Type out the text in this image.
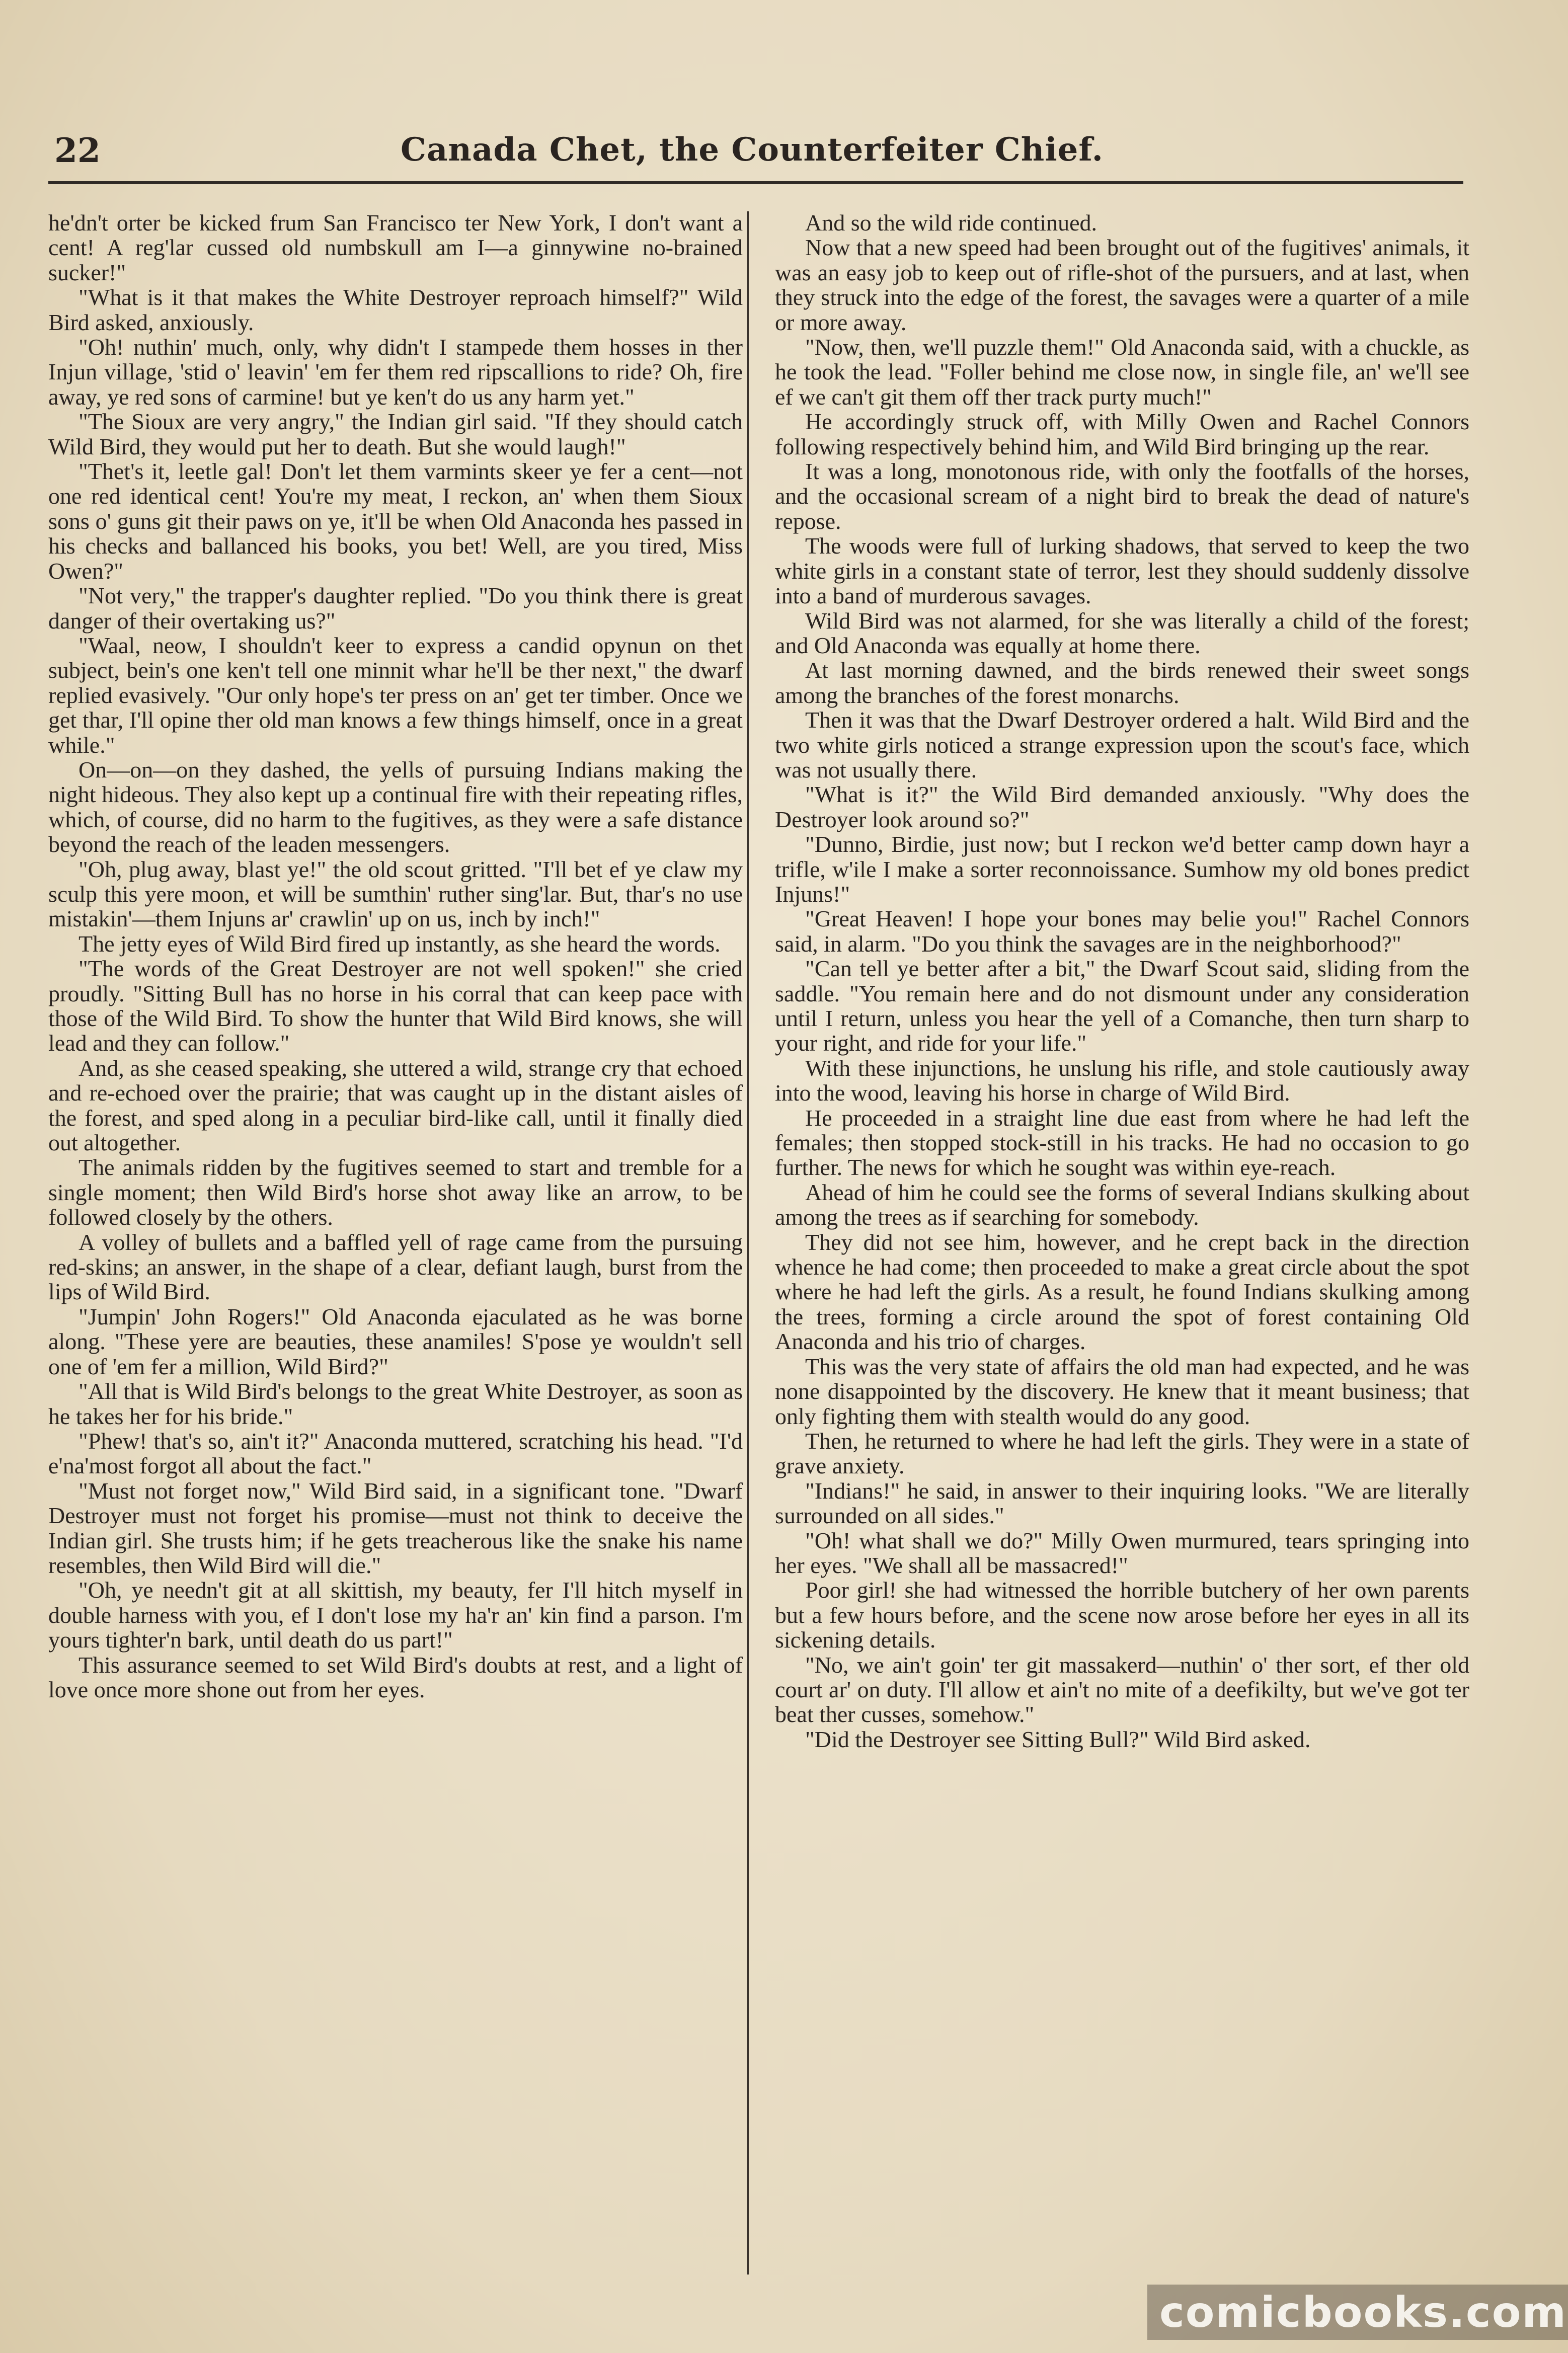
22	Canada Chet, the Counterfeiter Chief.

he'dn't orter be kicked frum San Francisco ter New York, I don't want a cent! A reg'lar cussed old numbskull am I—a ginnywine no-brained sucker!"

"What is it that makes the White Destroyer reproach himself?" Wild Bird asked, anxiously.

"Oh! nuthin' much, only, why didn't I stampede them hosses in ther Injun village, 'stid o' leavin' 'em fer them red ripscallions to ride? Oh, fire away, ye red sons of carmine! but ye ken't do us any harm yet."

"The Sioux are very angry," the Indian girl said. "If they should catch Wild Bird, they would put her to death. But she would laugh!"

"Thet's it, leetle gal! Don't let them varmints skeer ye fer a cent—not one red identical cent! You're my meat, I reckon, an' when them Sioux sons o' guns git their paws on ye, it'll be when Old Anaconda hes passed in his checks and ballanced his books, you bet! Well, are you tired, Miss Owen?"

"Not very," the trapper's daughter replied. "Do you think there is great danger of their overtaking us?"

"Waal, neow, I shouldn't keer to express a candid opynun on thet subject, bein's one ken't tell one minnit whar he'll be ther next," the dwarf replied evasively. "Our only hope's ter press on an' get ter timber. Once we get thar, I'll opine ther old man knows a few things himself, once in a great while."

On—on—on they dashed, the yells of pursuing Indians making the night hideous. They also kept up a continual fire with their repeating rifles, which, of course, did no harm to the fugitives, as they were a safe distance beyond the reach of the leaden messengers.

"Oh, plug away, blast ye!" the old scout gritted. "I'll bet ef ye claw my sculp this yere moon, et will be sumthin' ruther sing'lar. But, thar's no use mistakin'—them Injuns ar' crawlin' up on us, inch by inch!"

The jetty eyes of Wild Bird fired up instantly, as she heard the words.

"The words of the Great Destroyer are not well spoken!" she cried proudly. "Sitting Bull has no horse in his corral that can keep pace with those of the Wild Bird. To show the hunter that Wild Bird knows, she will lead and they can follow."

And, as she ceased speaking, she uttered a wild, strange cry that echoed and re-echoed over the prairie; that was caught up in the distant aisles of the forest, and sped along in a peculiar bird-like call, until it finally died out altogether.

The animals ridden by the fugitives seemed to start and tremble for a single moment; then Wild Bird's horse shot away like an arrow, to be followed closely by the others.

A volley of bullets and a baffled yell of rage came from the pursuing red-skins; an answer, in the shape of a clear, defiant laugh, burst from the lips of Wild Bird.

"Jumpin' John Rogers!" Old Anaconda ejaculated as he was borne along. "These yere are beauties, these anamiles! S'pose ye wouldn't sell one of 'em fer a million, Wild Bird?"

"All that is Wild Bird's belongs to the great White Destroyer, as soon as he takes her for his bride."

"Phew! that's so, ain't it?" Anaconda muttered, scratching his head. "I'd e'na'most forgot all about the fact."

"Must not forget now," Wild Bird said, in a significant tone. "Dwarf Destroyer must not forget his promise—must not think to deceive the Indian girl. She trusts him; if he gets treacherous like the snake his name resembles, then Wild Bird will die."

"Oh, ye needn't git at all skittish, my beauty, fer I'll hitch myself in double harness with you, ef I don't lose my ha'r an' kin find a parson. I'm yours tighter'n bark, until death do us part!"

This assurance seemed to set Wild Bird's doubts at rest, and a light of love once more shone out from her eyes.

And so the wild ride continued.

Now that a new speed had been brought out of the fugitives' animals, it was an easy job to keep out of rifle-shot of the pursuers, and at last, when they struck into the edge of the forest, the savages were a quarter of a mile or more away.

"Now, then, we'll puzzle them!" Old Anaconda said, with a chuckle, as he took the lead. "Foller behind me close now, in single file, an' we'll see ef we can't git them off ther track purty much!"

He accordingly struck off, with Milly Owen and Rachel Connors following respectively behind him, and Wild Bird bringing up the rear.

It was a long, monotonous ride, with only the footfalls of the horses, and the occasional scream of a night bird to break the dead of nature's repose.

The woods were full of lurking shadows, that served to keep the two white girls in a constant state of terror, lest they should suddenly dissolve into a band of murderous savages.

Wild Bird was not alarmed, for she was literally a child of the forest; and Old Anaconda was equally at home there.

At last morning dawned, and the birds renewed their sweet songs among the branches of the forest monarchs.

Then it was that the Dwarf Destroyer ordered a halt. Wild Bird and the two white girls noticed a strange expression upon the scout's face, which was not usually there.

"What is it?" the Wild Bird demanded anxiously. "Why does the Destroyer look around so?"

"Dunno, Birdie, just now; but I reckon we'd better camp down hayr a trifle, w'ile I make a sorter reconnoissance. Sumhow my old bones predict Injuns!"

"Great Heaven! I hope your bones may belie you!" Rachel Connors said, in alarm. "Do you think the savages are in the neighborhood?"

"Can tell ye better after a bit," the Dwarf Scout said, sliding from the saddle. "You remain here and do not dismount under any consideration until I return, unless you hear the yell of a Comanche, then turn sharp to your right, and ride for your life."

With these injunctions, he unslung his rifle, and stole cautiously away into the wood, leaving his horse in charge of Wild Bird.

He proceeded in a straight line due east from where he had left the females; then stopped stock-still in his tracks. He had no occasion to go further. The news for which he sought was within eye-reach.

Ahead of him he could see the forms of several Indians skulking about among the trees as if searching for somebody.

They did not see him, however, and he crept back in the direction whence he had come; then proceeded to make a great circle about the spot where he had left the girls. As a result, he found Indians skulking among the trees, forming a circle around the spot of forest containing Old Anaconda and his trio of charges.

This was the very state of affairs the old man had expected, and he was none disappointed by the discovery. He knew that it meant business; that only fighting them with stealth would do any good.

Then, he returned to where he had left the girls. They were in a state of grave anxiety.

"Indians!" he said, in answer to their inquiring looks. "We are literally surrounded on all sides."

"Oh! what shall we do?" Milly Owen murmured, tears springing into her eyes. "We shall all be massacred!"

Poor girl! she had witnessed the horrible butchery of her own parents but a few hours before, and the scene now arose before her eyes in all its sickening details.

"No, we ain't goin' ter git massakerd—nuthin' o' ther sort, ef ther old court ar' on duty. I'll allow et ain't no mite of a deefikilty, but we've got ter beat ther cusses, somehow."

"Did the Destroyer see Sitting Bull?" Wild Bird asked.

comicbooks.com
